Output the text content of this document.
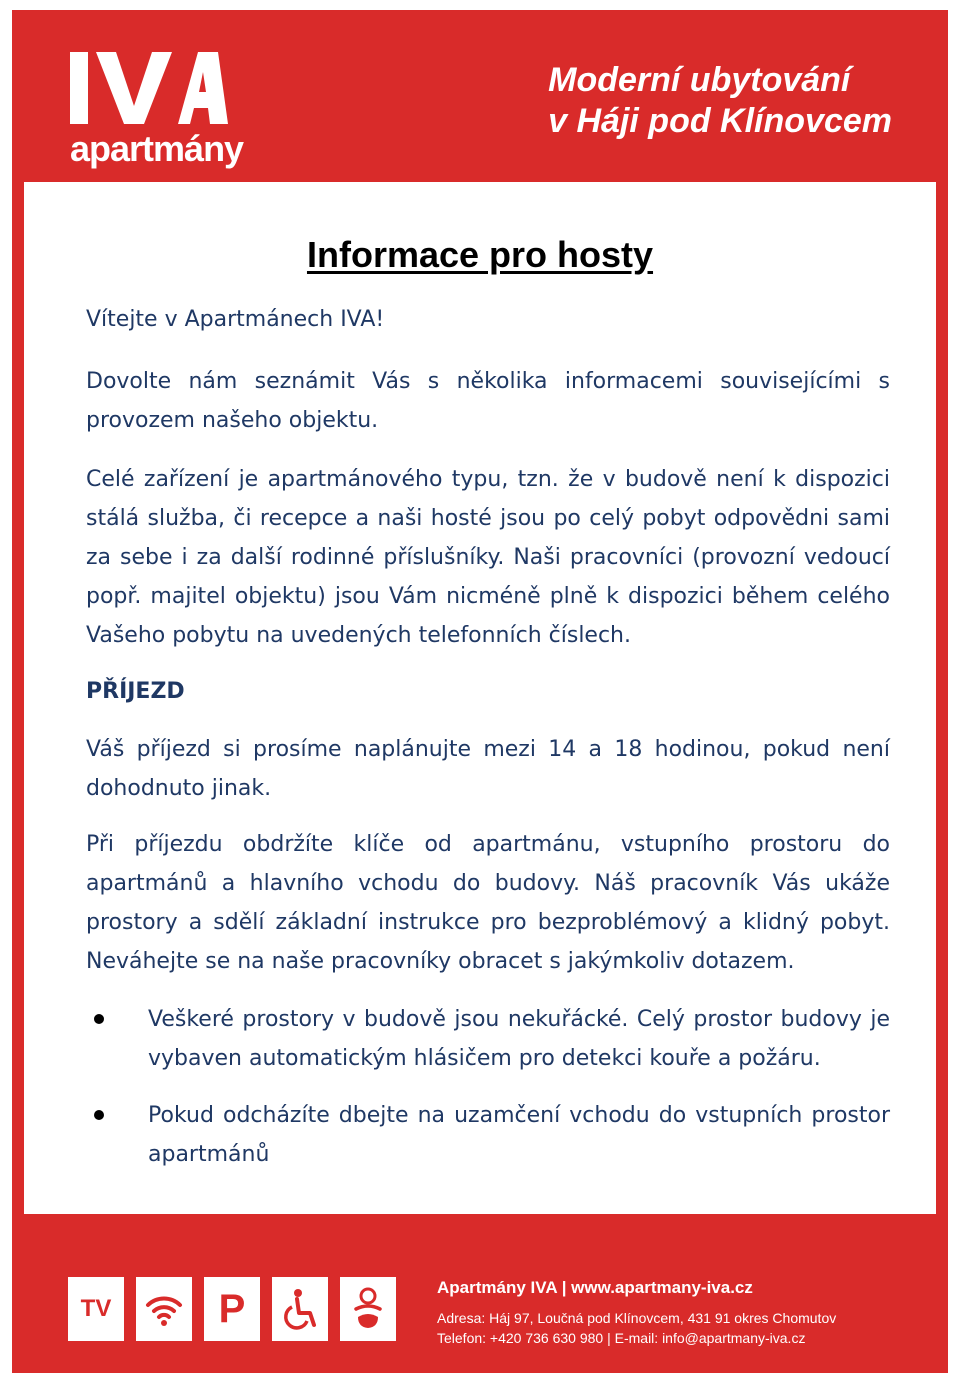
apartmány
Moderní ubytování
v Háji pod Klínovcem
Informace pro hosty

Vítejte v Apartmánech IVA!

Dovolte nám seznámit Vás s několika informacemi souvisejícími s provozem našeho objektu.

Celé zařízení je apartmánového typu, tzn. že v budově není k dispozici stálá služba, či recepce a naši hosté jsou po celý pobyt odpovědni sami za sebe i za další rodinné příslušníky. Naši pracovníci (provozní vedoucí popř. majitel objektu) jsou Vám nicméně plně k dispozici během celého Vašeho pobytu na uvedených telefonních číslech.

PŘÍJEZD

Váš příjezd si prosíme naplánujte mezi 14 a 18 hodinou, pokud není dohodnuto jinak.

Při příjezdu obdržíte klíče od apartmánu, vstupního prostoru do apartmánů a hlavního vchodu do budovy. Náš pracovník Vás ukáže prostory a sdělí základní instrukce pro bezproblémový a klidný pobyt. Neváhejte se na naše pracovníky obracet s jakýmkoliv dotazem.

Veškeré prostory v budově jsou nekuřácké. Celý prostor budovy je vybaven automatickým hlásičem pro detekci kouře a požáru.
Pokud odcházíte dbejte na uzamčení vchodu do vstupních prostor apartmánů
TV	P	Apartmány IVA | www.apartmany-iva.cz
Adresa: Háj 97, Loučná pod Klínovcem, 431 91 okres Chomutov
Telefon: +420 736 630 980 | E-mail: info@apartmany-iva.cz
